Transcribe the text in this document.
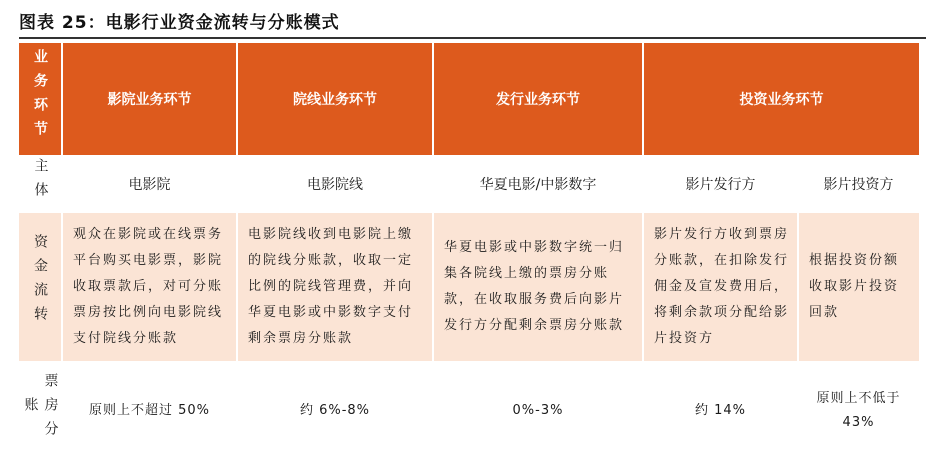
图表 25：电影行业资金流转与分账模式
业务环节	影院业务环节	院线业务环节	发行业务环节	投资业务环节	
主体	电影院	电影院线	华夏电影/中影数字	影片发行方	影片投资方
资金流转	观众在影院或在线票务平台购买电影票，影院收取票款后，对可分账票房按比例向电影院线支付院线分账款	电影院线收到电影院上缴的院线分账款，收取一定比例的院线管理费，并向华夏电影或中影数字支付剩余票房分账款	华夏电影或中影数字统一归集各院线上缴的票房分账款，在收取服务费后向影片发行方分配剩余票房分账款	影片发行方收到票房分账款，在扣除发行佣金及宣发费用后，将剩余款项分配给影片投资方	根据投资份额收取影片投资回款

票房分账	原则上不超过 50%	约 6%-8%	0%-3%	约 14%	原则上不低于 43%
